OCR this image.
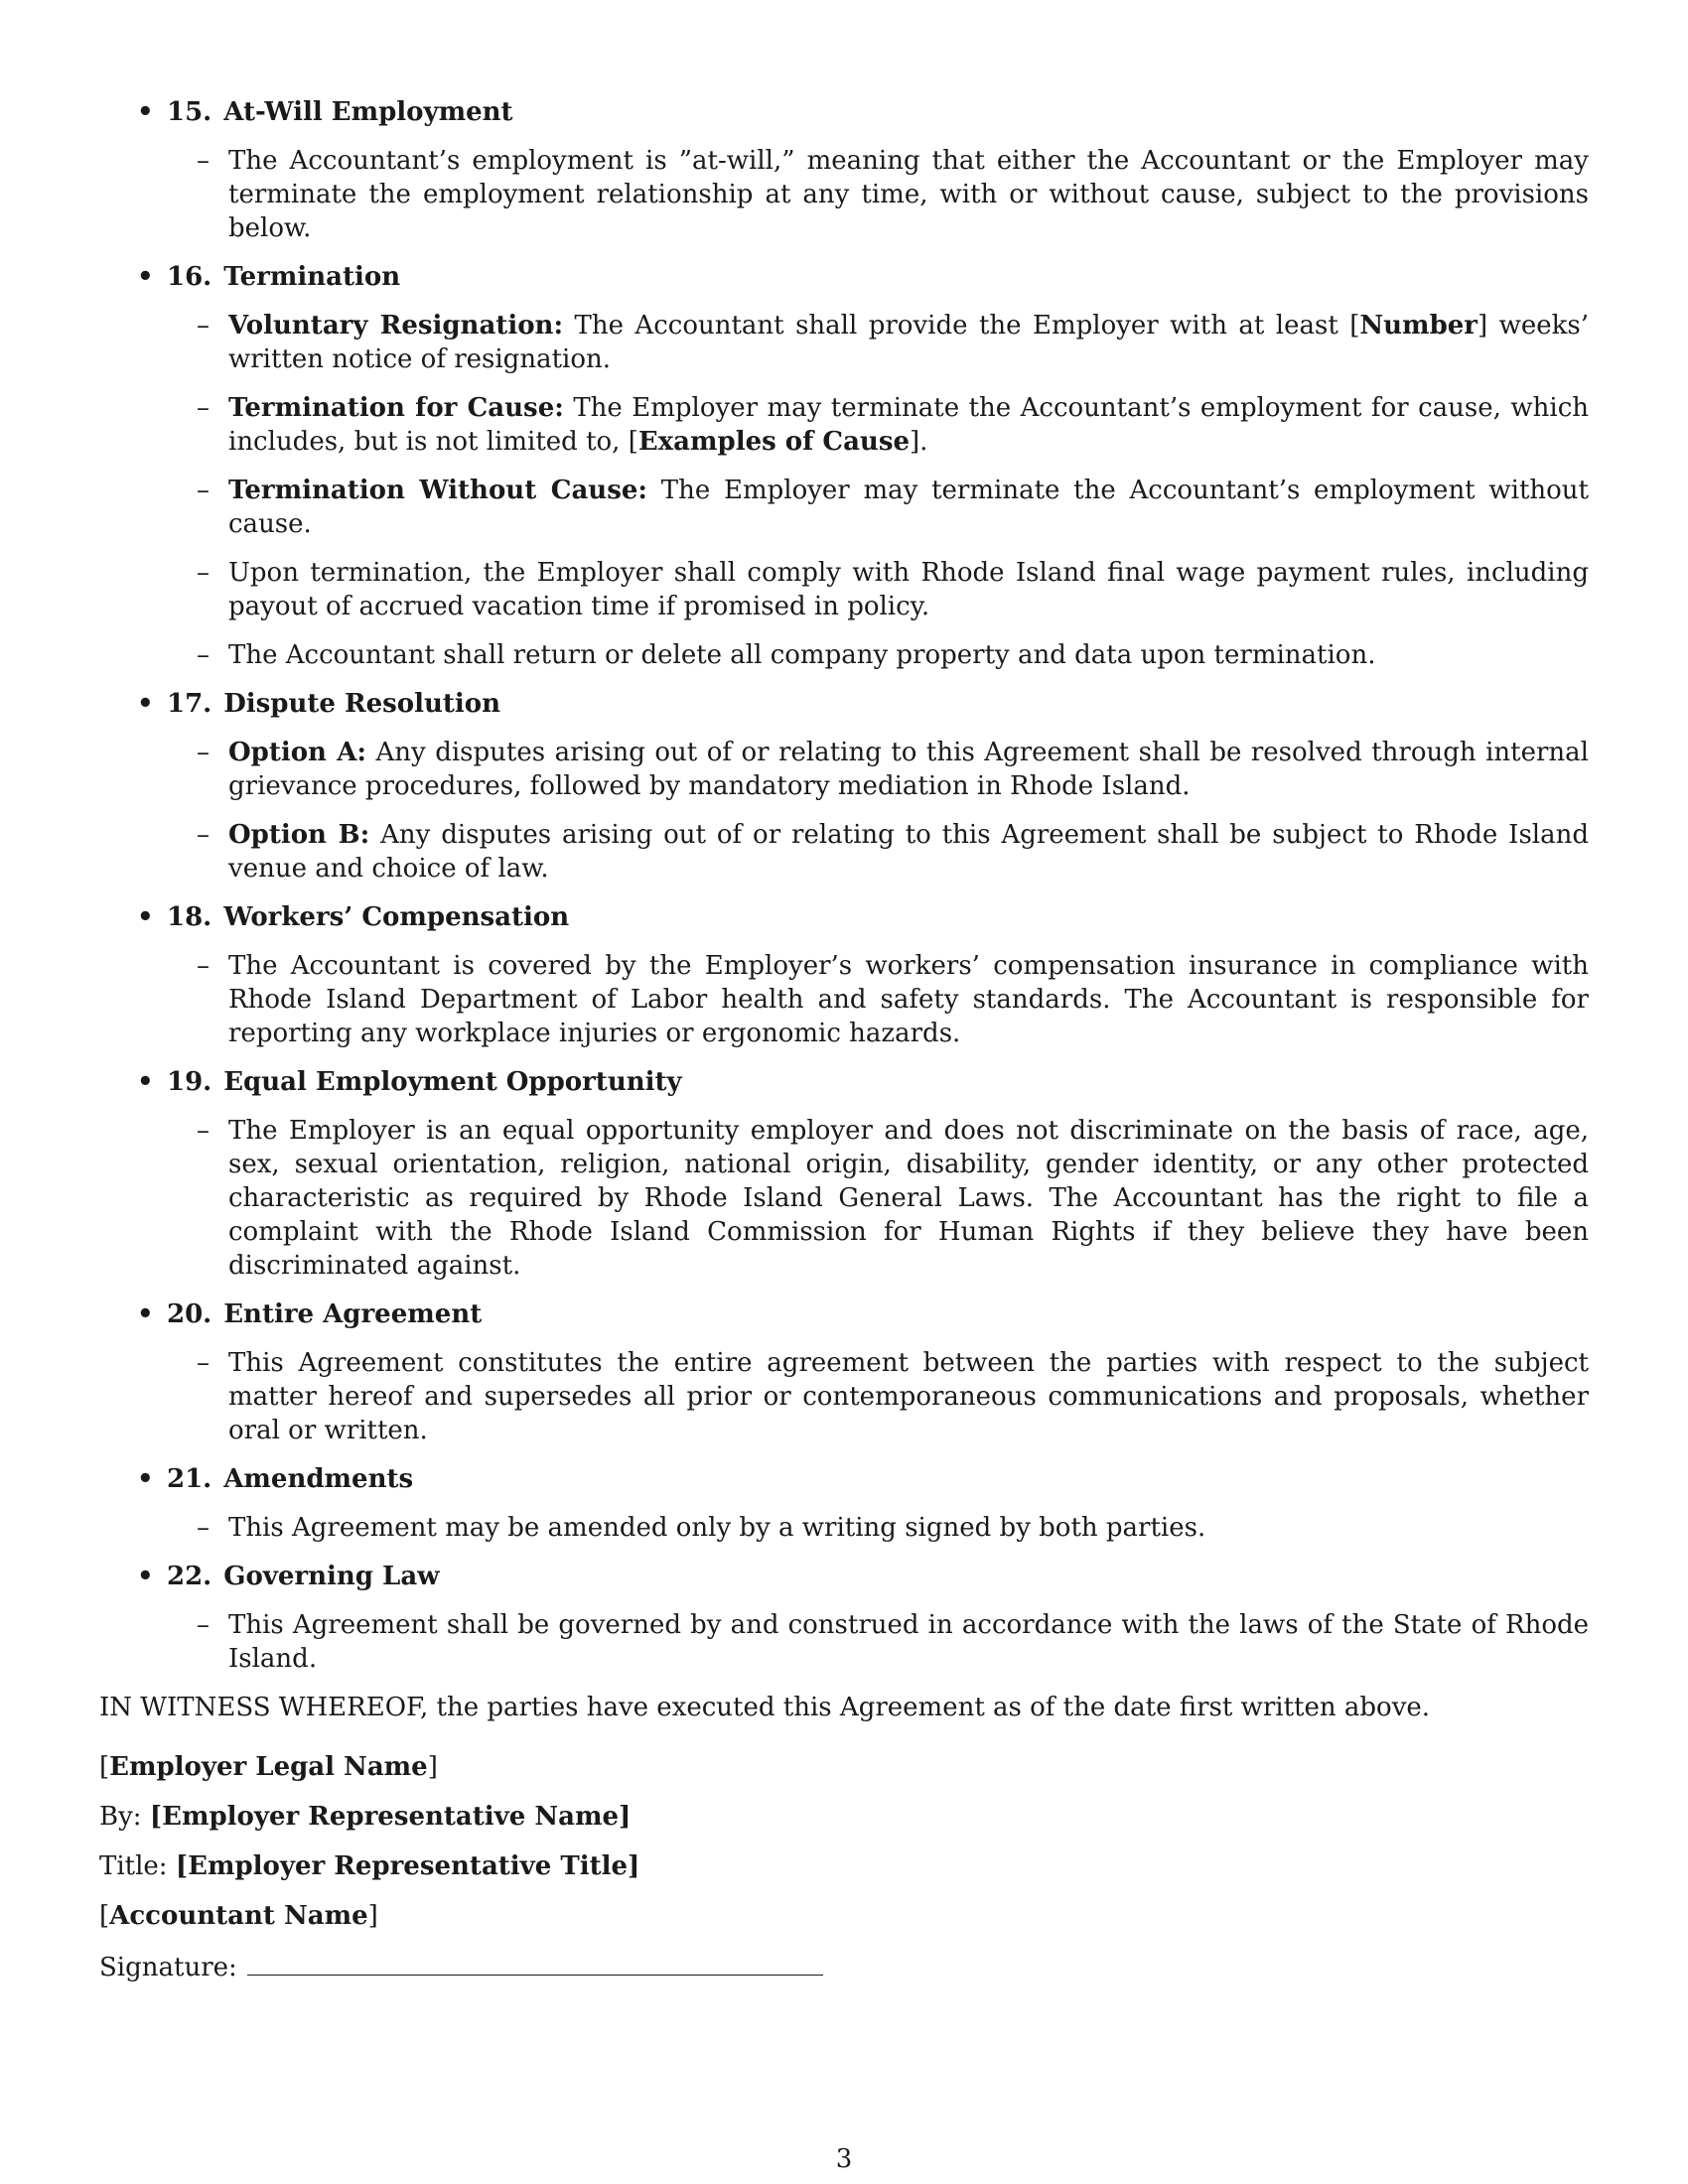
• 15. At-Will Employment
– The Accountant’s employment is ”at-will,” meaning that either the Accountant or the Employer may terminate the employment relationship at any time, with or without cause, subject to the provisions below.
• 16. Termination
– Voluntary Resignation: The Accountant shall provide the Employer with at least [Number] weeks’ written notice of resignation.
– Termination for Cause: The Employer may terminate the Accountant’s employment for cause, which includes, but is not limited to, [Examples of Cause].
– Termination Without Cause: The Employer may terminate the Accountant’s employment without cause.
– Upon termination, the Employer shall comply with Rhode Island final wage payment rules, including payout of accrued vacation time if promised in policy.
– The Accountant shall return or delete all company property and data upon termination.
• 17. Dispute Resolution
– Option A: Any disputes arising out of or relating to this Agreement shall be resolved through internal grievance procedures, followed by mandatory mediation in Rhode Island.
– Option B: Any disputes arising out of or relating to this Agreement shall be subject to Rhode Island venue and choice of law.
• 18. Workers’ Compensation
– The Accountant is covered by the Employer’s workers’ compensation insurance in compliance with Rhode Island Department of Labor health and safety standards. The Accountant is responsible for reporting any workplace injuries or ergonomic hazards.
• 19. Equal Employment Opportunity
– The Employer is an equal opportunity employer and does not discriminate on the basis of race, age, sex, sexual orientation, religion, national origin, disability, gender identity, or any other protected characteristic as required by Rhode Island General Laws. The Accountant has the right to file a complaint with the Rhode Island Commission for Human Rights if they believe they have been discriminated against.
• 20. Entire Agreement
– This Agreement constitutes the entire agreement between the parties with respect to the subject matter hereof and supersedes all prior or contemporaneous communications and proposals, whether oral or written.
• 21. Amendments
– This Agreement may be amended only by a writing signed by both parties.
• 22. Governing Law
– This Agreement shall be governed by and construed in accordance with the laws of the State of Rhode Island.

IN WITNESS WHEREOF, the parties have executed this Agreement as of the date first written above.

[Employer Legal Name]

By: [Employer Representative Name]

Title: [Employer Representative Title]

[Accountant Name]

Signature:

3
